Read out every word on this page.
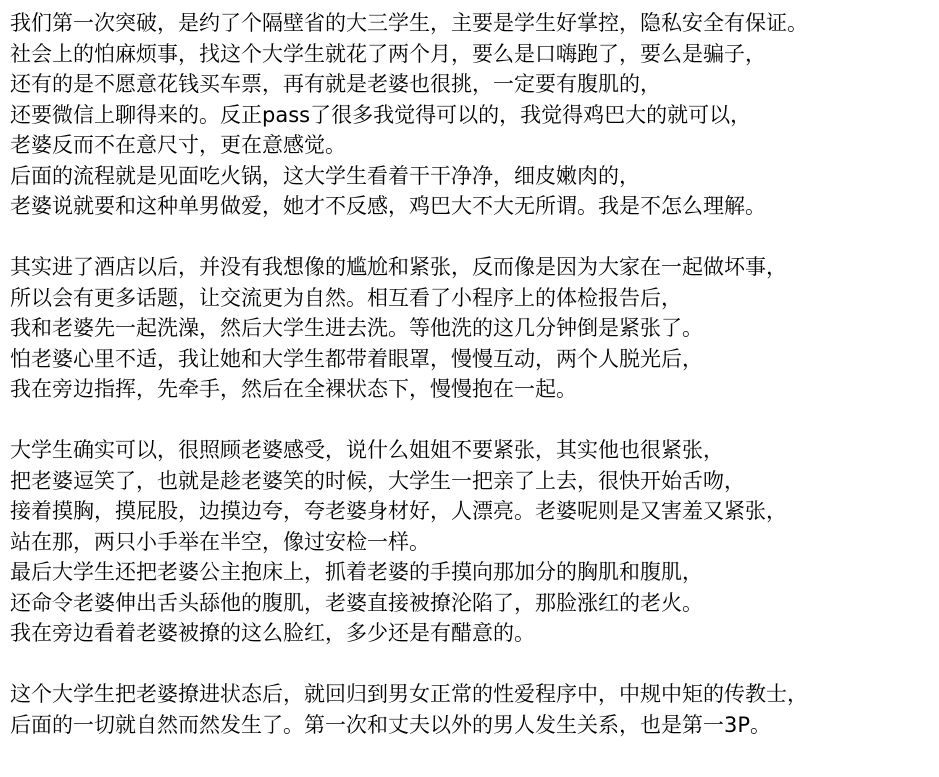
我们第一次突破，是约了个隔壁省的大三学生，主要是学生好掌控，隐私安全有保证。
社会上的怕麻烦事，找这个大学生就花了两个月，要么是口嗨跑了，要么是骗子，
还有的是不愿意花钱买车票，再有就是老婆也很挑，一定要有腹肌的，
还要微信上聊得来的。反正pass了很多我觉得可以的，我觉得鸡巴大的就可以，
老婆反而不在意尺寸，更在意感觉。
后面的流程就是见面吃火锅，这大学生看着干干净净，细皮嫩肉的，
老婆说就要和这种单男做爱，她才不反感，鸡巴大不大无所谓。我是不怎么理解。
其实进了酒店以后，并没有我想像的尴尬和紧张，反而像是因为大家在一起做坏事，
所以会有更多话题，让交流更为自然。相互看了小程序上的体检报告后，
我和老婆先一起洗澡，然后大学生进去洗。等他洗的这几分钟倒是紧张了。
怕老婆心里不适，我让她和大学生都带着眼罩，慢慢互动，两个人脱光后，
我在旁边指挥，先牵手，然后在全裸状态下，慢慢抱在一起。
大学生确实可以，很照顾老婆感受，说什么姐姐不要紧张，其实他也很紧张，
把老婆逗笑了，也就是趁老婆笑的时候，大学生一把亲了上去，很快开始舌吻，
接着摸胸，摸屁股，边摸边夸，夸老婆身材好，人漂亮。老婆呢则是又害羞又紧张，
站在那，两只小手举在半空，像过安检一样。
最后大学生还把老婆公主抱床上，抓着老婆的手摸向那加分的胸肌和腹肌，
还命令老婆伸出舌头舔他的腹肌，老婆直接被撩沦陷了，那脸涨红的老火。
我在旁边看着老婆被撩的这么脸红，多少还是有醋意的。
这个大学生把老婆撩进状态后，就回归到男女正常的性爱程序中，中规中矩的传教士，
后面的一切就自然而然发生了。第一次和丈夫以外的男人发生关系，也是第一3P。
